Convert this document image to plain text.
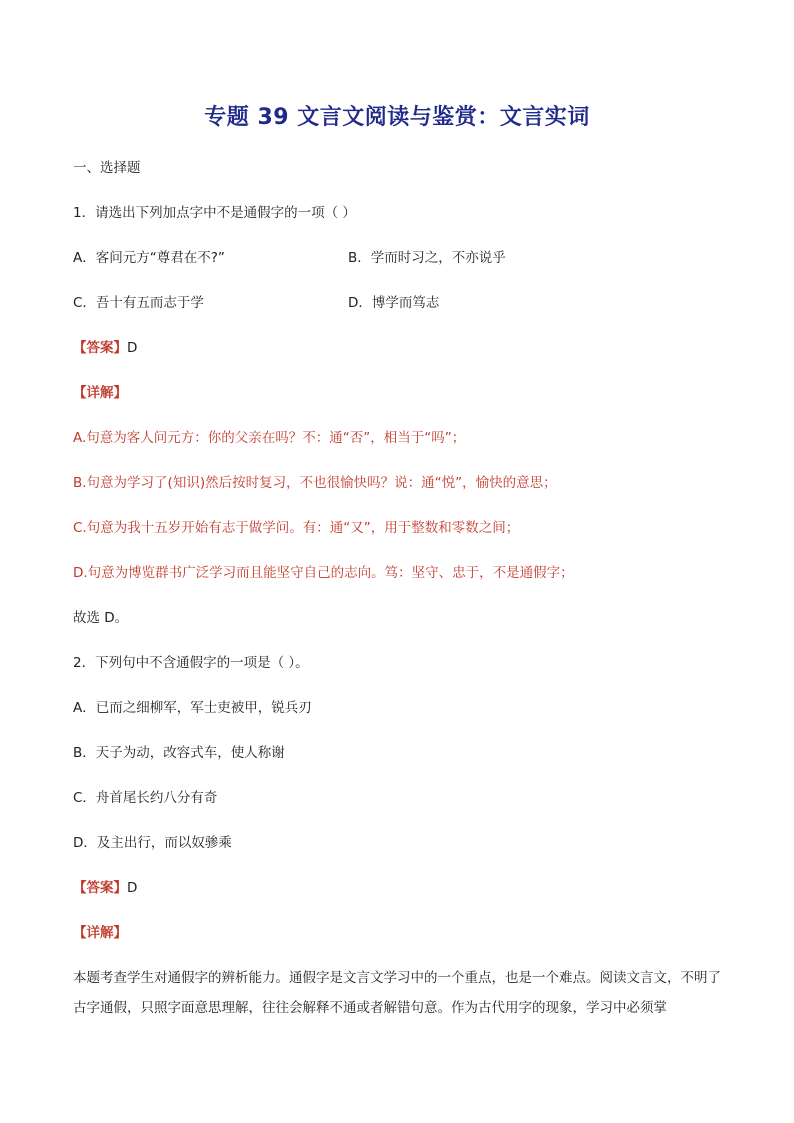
专题 39 文言文阅读与鉴赏：文言实词
一、选择题
1．请选出下列加点字中不是通假字的一项（ ）
A．客问元方“尊君在不?”	B．学而时习之，不亦说乎
C．吾十有五而志于学	D．博学而笃志
【答案】D
【详解】
A.句意为客人问元方：你的父亲在吗？不：通“否”，相当于“吗”；
B.句意为学习了(知识)然后按时复习，不也很愉快吗？说：通“悦”，愉快的意思；
C.句意为我十五岁开始有志于做学问。有：通“又”，用于整数和零数之间；
D.句意为博览群书广泛学习而且能坚守自己的志向。笃：坚守、忠于，不是通假字；
故选 D。
2．下列句中不含通假字的一项是（ ）。
A．已而之细柳军，军士吏被甲，锐兵刃
B．天子为动，改容式车，使人称谢
C．舟首尾长约八分有奇
D．及主出行，而以奴骖乘
【答案】D
【详解】
本题考查学生对通假字的辨析能力。通假字是文言文学习中的一个重点，也是一个难点。阅读文言文，不明了古字通假，只照字面意思理解，往往会解释不通或者解错句意。作为古代用字的现象，学习中必须掌
